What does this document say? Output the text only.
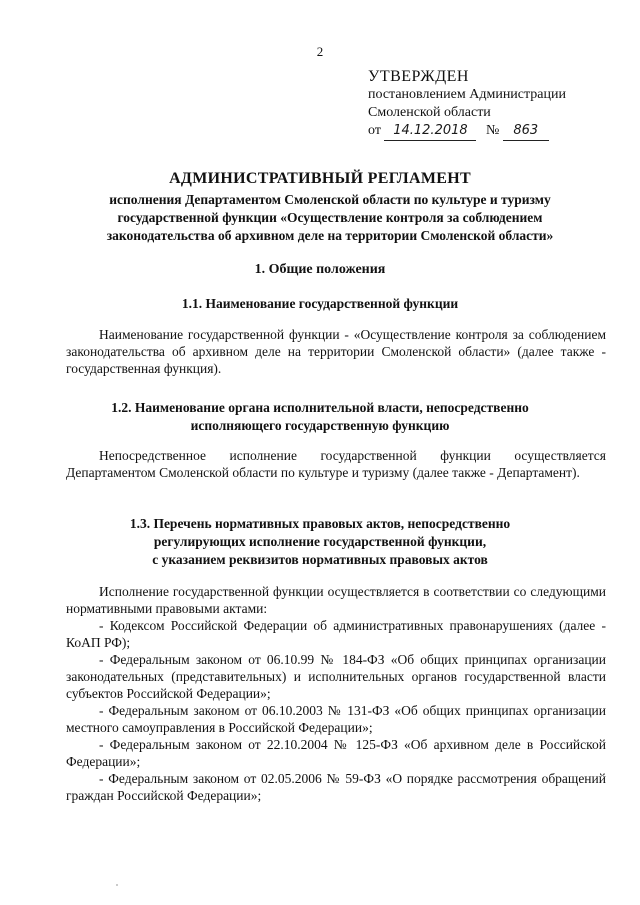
2
УТВЕРЖДЕН
постановлением Администрации
Смоленской области
от 14.12.2018 № 863
АДМИНИСТРАТИВНЫЙ РЕГЛАМЕНТ
исполнения Департаментом Смоленской области по культуре и туризму
государственной функции «Осуществление контроля за соблюдением
законодательства об архивном деле на территории Смоленской области»
1. Общие положения
1.1. Наименование государственной функции

Наименование государственной функции - «Осуществление контроля за соблюдением законодательства об архивном деле на территории Смоленской области» (далее также - государственная функция).

1.2. Наименование органа исполнительной власти, непосредственно
исполняющего государственную функцию

Непосредственное исполнение государственной функции осуществляется Департаментом Смоленской области по культуре и туризму (далее также - Департамент).

1.3. Перечень нормативных правовых актов, непосредственно
регулирующих исполнение государственной функции,
с указанием реквизитов нормативных правовых актов

Исполнение государственной функции осуществляется в соответствии со следующими нормативными правовыми актами:

- Кодексом Российской Федерации об административных правонарушениях (далее - КоАП РФ);

- Федеральным законом от 06.10.99 № 184-ФЗ «Об общих принципах организации законодательных (представительных) и исполнительных органов государственной власти субъектов Российской Федерации»;

- Федеральным законом от 06.10.2003 № 131-ФЗ «Об общих принципах организации местного самоуправления в Российской Федерации»;

- Федеральным законом от 22.10.2004 № 125-ФЗ «Об архивном деле в Российской Федерации»;

- Федеральным законом от 02.05.2006 № 59-ФЗ «О порядке рассмотрения обращений граждан Российской Федерации»;
